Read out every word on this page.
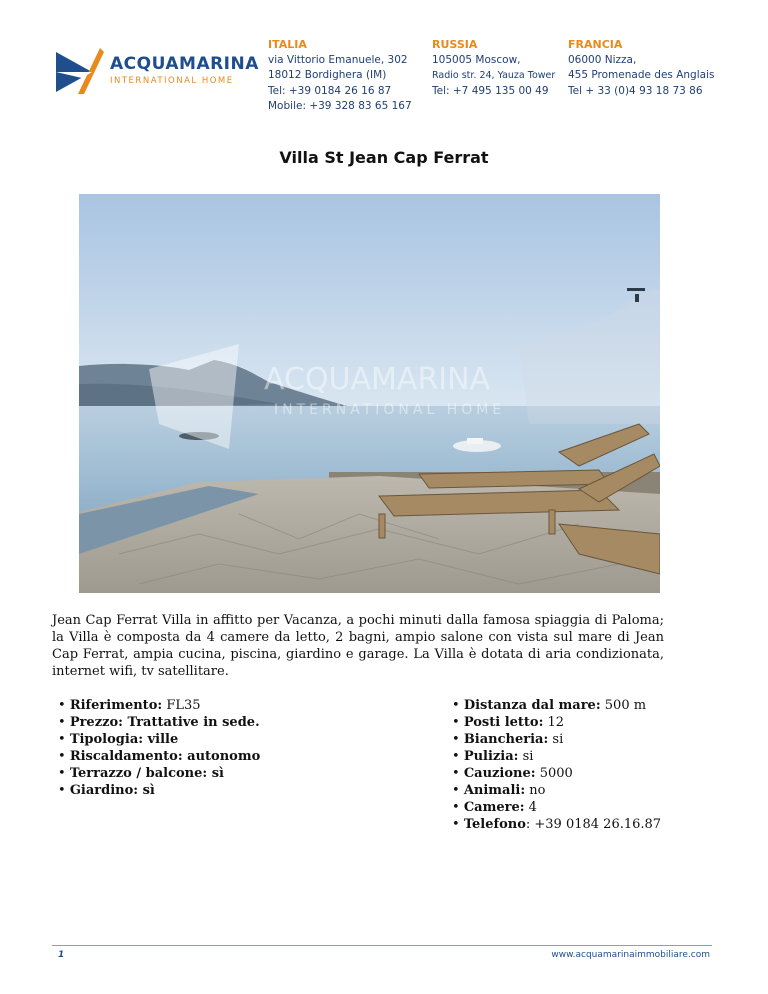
ACQUAMARINA
INTERNATIONAL HOME
ITALIA
via Vittorio Emanuele, 302
18012 Bordighera (IM)
Tel: +39 0184 26 16 87
Mobile: +39 328 83 65 167
RUSSIA
105005 Moscow,
Radio str. 24, Yauza Tower
Tel: +7 495 135 00 49
FRANCIA
06000 Nizza,
455 Promenade des Anglais
Tel + 33 (0)4 93 18 73 86
Villa St Jean Cap Ferrat
ACQUAMARINA
INTERNATIONAL HOME
Jean Cap Ferrat Villa in affitto per Vacanza, a pochi minuti dalla famosa spiaggia di Paloma; la Villa è composta da 4 camere da letto, 2 bagni, ampio salone con vista sul mare di Jean Cap Ferrat, ampia cucina, piscina, giardino e garage. La Villa è dotata di aria condizionata, internet wifi, tv satellitare.
• Riferimento: FL35
• Prezzo: Trattative in sede.
• Tipologia: ville
• Riscaldamento: autonomo
• Terrazzo / balcone: sì
• Giardino: sì
• Distanza dal mare: 500 m
• Posti letto: 12
• Biancheria: si
• Pulizia: si
• Cauzione: 5000
• Animali: no
• Camere: 4
• Telefono: +39 0184 26.16.87
1	www.acquamarinaimmobiliare.com
